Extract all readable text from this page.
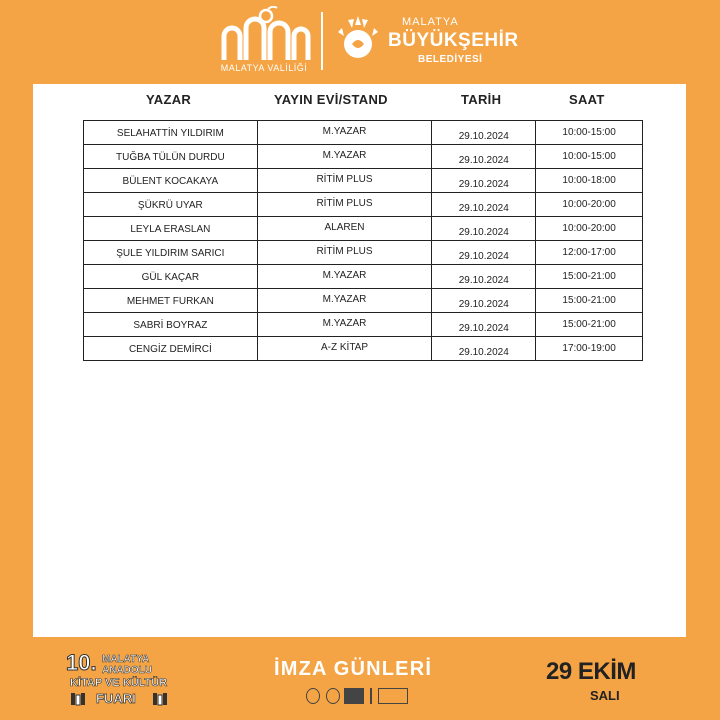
MALATYA VALİLİĞİ
MALATYA
BÜYÜKŞEHİR
BELEDİYESİ
YAZAR	YAYIN EVİ/STAND	TARİH	SAAT
SELAHATTİN YILDIRIM	M.YAZAR	29.10.2024	10:00-15:00
TUĞBA TÜLÜN DURDU	M.YAZAR	29.10.2024	10:00-15:00
BÜLENT KOCAKAYA	RİTİM PLUS	29.10.2024	10:00-18:00
ŞÜKRÜ UYAR	RİTİM PLUS	29.10.2024	10:00-20:00
LEYLA ERASLAN	ALAREN	29.10.2024	10:00-20:00
ŞULE YILDIRIM SARICI	RİTİM PLUS	29.10.2024	12:00-17:00
GÜL KAÇAR	M.YAZAR	29.10.2024	15:00-21:00
MEHMET FURKAN	M.YAZAR	29.10.2024	15:00-21:00
SABRİ BOYRAZ	M.YAZAR	29.10.2024	15:00-21:00
CENGİZ DEMİRCİ	A-Z KİTAP	29.10.2024	17:00-19:00
10. MALATYA
ANADOLU
KİTAP VE KÜLTÜR
FUARI
İMZA GÜNLERİ	29 EKİM
SALI
